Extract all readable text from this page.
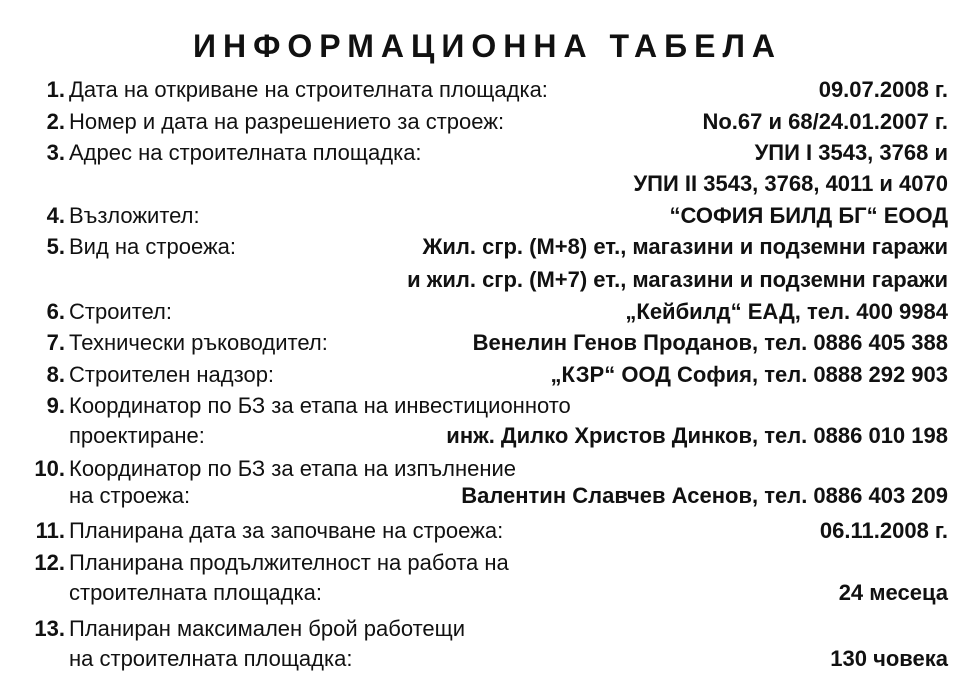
ИНФОРМАЦИОННА ТАБЕЛА
1. Дата на откриване на строителната площадка:	09.07.2008 г.
2. Номер и дата на разрешението за строеж:	No.67 и 68/24.01.2007 г.
3. Адрес на строителната площадка:	УПИ I 3543, 3768 и
УПИ II 3543, 3768, 4011 и 4070
4. Възложител:	“СОФИЯ БИЛД БГ“ ЕООД
5. Вид на строежа:	Жил. сгр. (М+8) ет., магазини и подземни гаражи
и жил. сгр. (М+7) ет., магазини и подземни гаражи
6. Строител:	„Кейбилд“ ЕАД, тел. 400 9984
7. Технически ръководител:	Венелин Генов Проданов, тел. 0886 405 388
8. Строителен надзор:	„КЗР“ ООД София, тел. 0888 292 903
9. Координатор по БЗ за етапа на инвестиционното
проектиране:	инж. Дилко Христов Динков, тел. 0886 010 198
10. Координатор по БЗ за етапа на изпълнение
на строежа:	Валентин Славчев Асенов, тел. 0886 403 209
11. Планирана дата за започване на строежа:	06.11.2008 г.
12. Планирана продължителност на работа на
строителната площадка:	24 месеца
13. Планиран максимален брой работещи
на строителната площадка:	130 човека
